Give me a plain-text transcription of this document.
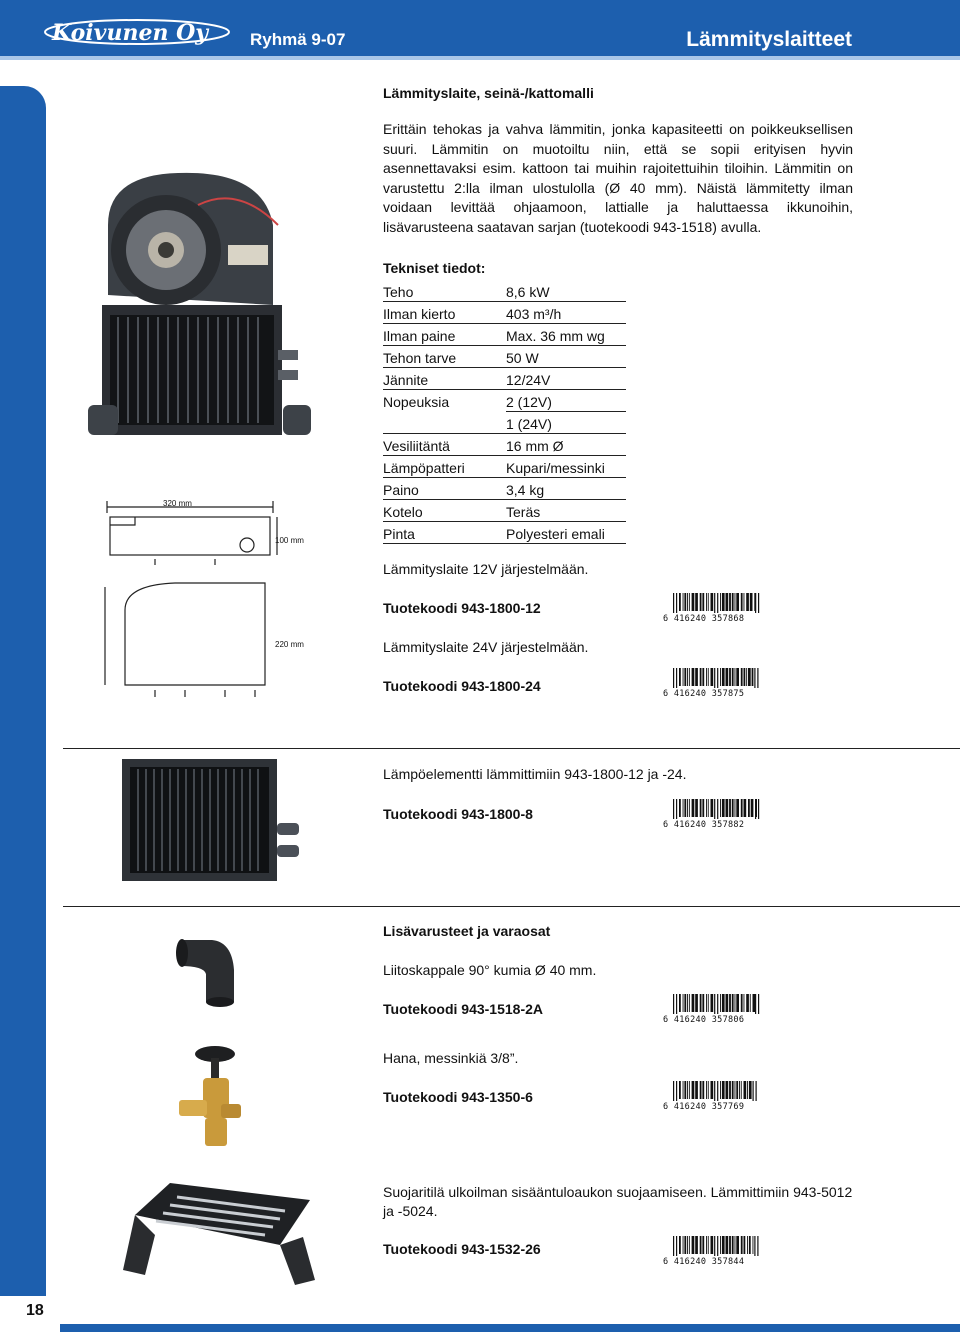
Koivunen Oy Ryhmä 9-07	Lämmityslaitteet
18
320 mm
100 mm
220 mm
Lämmityslaite, seinä-/kattomalli
Erittäin tehokas ja vahva lämmitin, jonka kapasiteetti on poikkeuksellisen suuri. Lämmitin on muotoiltu niin, että se sopii erityisen hyvin asennettavaksi esim. kattoon tai muihin rajoitettuihin tiloihin. Lämmitin on varustettu 2:lla ilman ulostulolla (Ø 40 mm). Näistä lämmitetty ilman voidaan levittää ohjaamoon, lattialle ja haluttaessa ikkunoihin, lisävarusteena saatavan sarjan (tuotekoodi 943-1518) avulla.
Tekniset tiedot:
Teho	8,6 kW
Ilman kierto	403 m³/h
Ilman paine	Max. 36 mm wg
Tehon tarve	50 W
Jännite	12/24V
Nopeuksia	2 (12V)
1 (24V)
Vesiliitäntä	16 mm Ø
Lämpöpatteri	Kupari/messinki
Paino	3,4 kg
Kotelo	Teräs
Pinta	Polyesteri emali
Lämmityslaite 12V järjestelmään.
Tuotekoodi 943-1800-12
6 416240 357868
Lämmityslaite 24V järjestelmään.
Tuotekoodi 943-1800-24	6 416240 357875
Lämpöelementti lämmittimiin 943-1800-12 ja -24.
Tuotekoodi 943-1800-8
6 416240 357882
Lisävarusteet ja varaosat
Liitoskappale 90° kumia Ø 40 mm.
Tuotekoodi 943-1518-2A
6 416240 357806
Hana, messinkiä 3/8”.
Tuotekoodi 943-1350-6
6 416240 357769
Suojaritilä ulkoilman sisääntuloaukon suojaamiseen. Lämmittimiin 943-5012 ja -5024.
Tuotekoodi 943-1532-26
6 416240 357844
